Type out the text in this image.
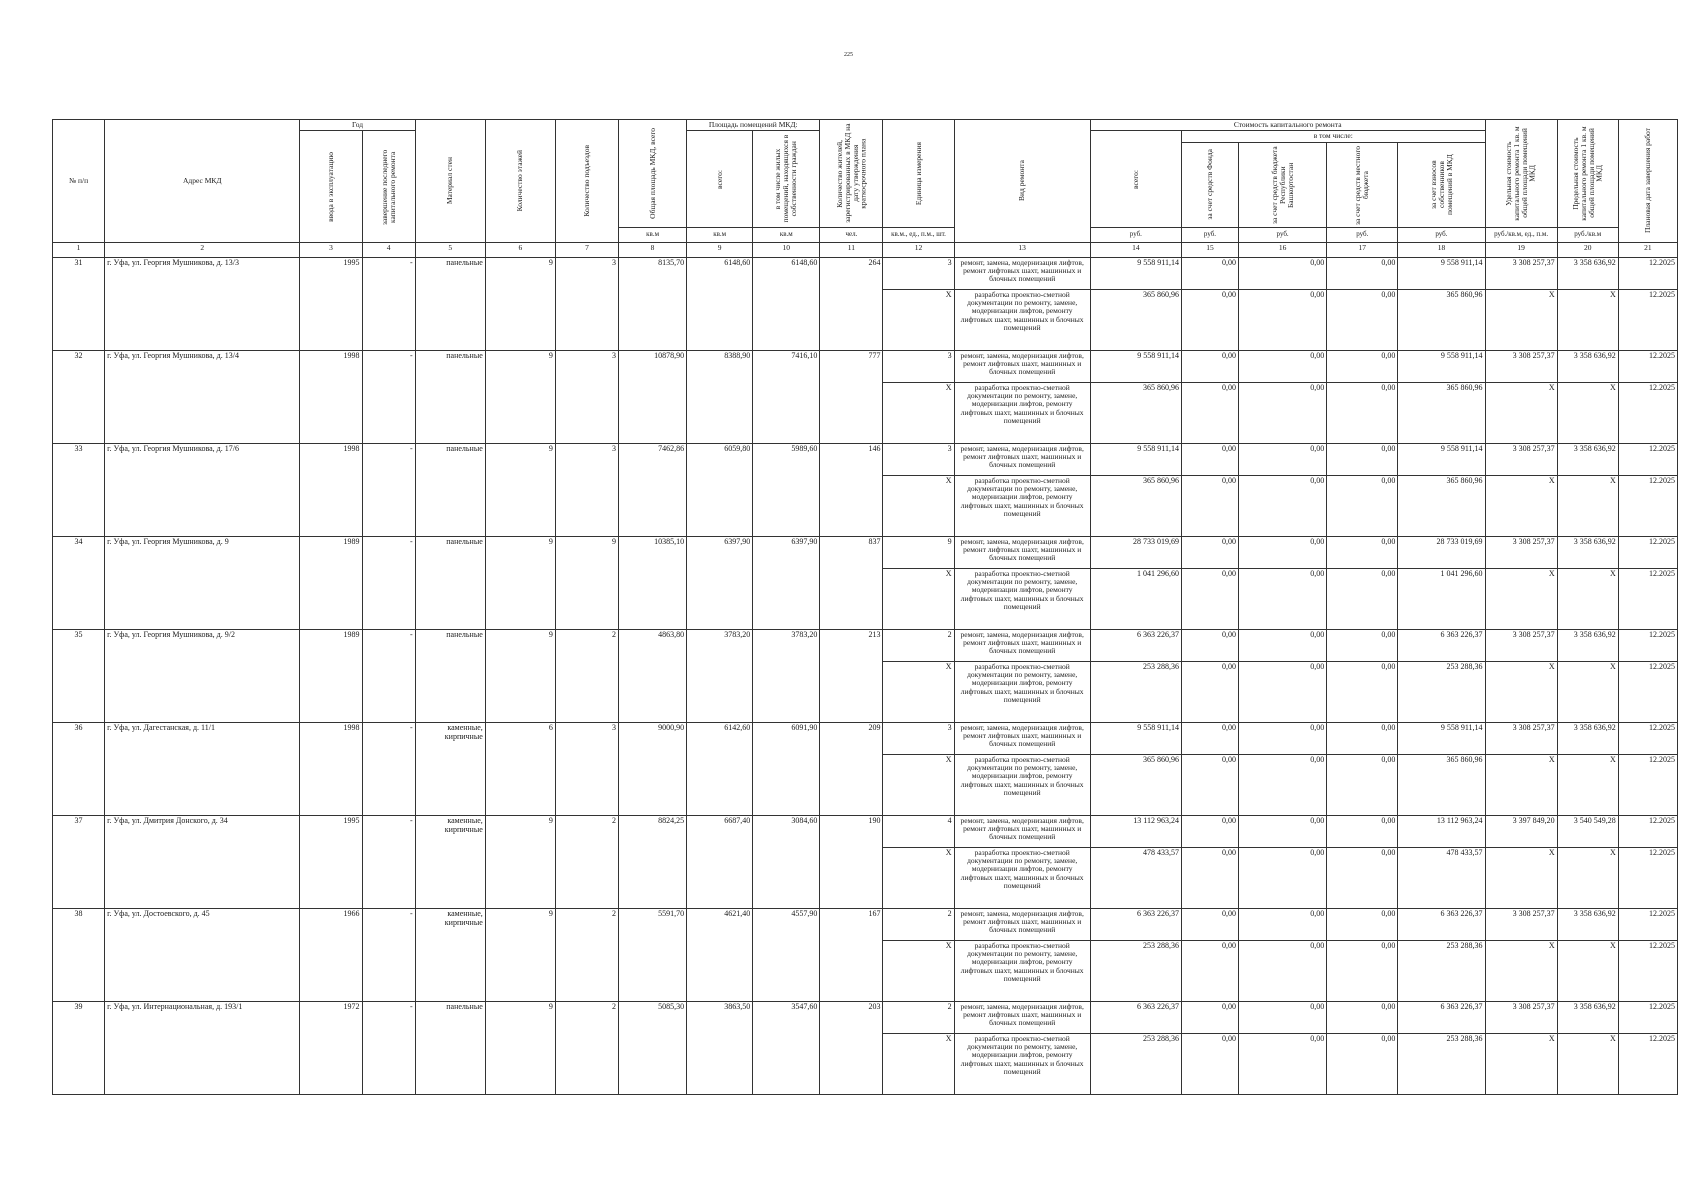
225
№ п/п	Адрес МКД	Год		Материал стен	Количество этажей	Количество подъездов	Общая площадь МКД, всего	Площадь помещений МКД:		Количество жителей, зарегистрированных в МКД на дату утверждения краткосрочного плана	Единица измерения	Вид ремонта	Стоимость капитального ремонта					Удельная стоимость капитального ремонта 1 кв. м общей площади помещений МКД	Предельная стоимость капитального ремонта 1 кв. м общей площади помещений МКД	Плановая дата завершения работ

		ввода в эксплуатацию	завершение последнего капитального ремонта					всего:	в том числе жилых помещений, находящихся в собственности граждан				всего:	в том числе:						

														за счет средств Фонда	за счет средств бюджета Республики Башкортостан	за счет средств местного бюджета	за счет взносов собственников помещений в МКД			

							кв.м	кв.м	кв.м	чел.	кв.м., ед., п.м., шт.		руб.	руб.	руб.	руб.	руб.	руб./кв.м, ед., п.м.	руб./кв.м	
1	2	3	4	5	6	7	8	9	10	11	12	13	14	15	16	17	18	19	20	21
31	г. Уфа, ул. Георгия Мушникова, д. 13/3	1995	-	панельные	9	3	8135,70	6148,60	6148,60	264	3	ремонт, замена, модернизация лифтов, ремонт лифтовых шахт, машинных и блочных помещений	9 558 911,14	0,00	0,00	0,00	9 558 911,14	3 308 257,37	3 358 636,92	12.2025
											X	разработка проектно-сметной документации по ремонту, замене, модернизации лифтов, ремонту лифтовых шахт, машинных и блочных помещений	365 860,96	0,00	0,00	0,00	365 860,96	X	X	12.2025
32	г. Уфа, ул. Георгия Мушникова, д. 13/4	1998	-	панельные	9	3	10878,90	8388,90	7416,10	777	3	ремонт, замена, модернизация лифтов, ремонт лифтовых шахт, машинных и блочных помещений	9 558 911,14	0,00	0,00	0,00	9 558 911,14	3 308 257,37	3 358 636,92	12.2025
											X	разработка проектно-сметной документации по ремонту, замене, модернизации лифтов, ремонту лифтовых шахт, машинных и блочных помещений	365 860,96	0,00	0,00	0,00	365 860,96	X	X	12.2025
33	г. Уфа, ул. Георгия Мушникова, д. 17/6	1998	-	панельные	9	3	7462,86	6059,80	5989,60	146	3	ремонт, замена, модернизация лифтов, ремонт лифтовых шахт, машинных и блочных помещений	9 558 911,14	0,00	0,00	0,00	9 558 911,14	3 308 257,37	3 358 636,92	12.2025
											X	разработка проектно-сметной документации по ремонту, замене, модернизации лифтов, ремонту лифтовых шахт, машинных и блочных помещений	365 860,96	0,00	0,00	0,00	365 860,96	X	X	12.2025
34	г. Уфа, ул. Георгия Мушникова, д. 9	1989	-	панельные	9	9	10385,10	6397,90	6397,90	837	9	ремонт, замена, модернизация лифтов, ремонт лифтовых шахт, машинных и блочных помещений	28 733 019,69	0,00	0,00	0,00	28 733 019,69	3 308 257,37	3 358 636,92	12.2025
											X	разработка проектно-сметной документации по ремонту, замене, модернизации лифтов, ремонту лифтовых шахт, машинных и блочных помещений	1 041 296,60	0,00	0,00	0,00	1 041 296,60	X	X	12.2025
35	г. Уфа, ул. Георгия Мушникова, д. 9/2	1989	-	панельные	9	2	4863,80	3783,20	3783,20	213	2	ремонт, замена, модернизация лифтов, ремонт лифтовых шахт, машинных и блочных помещений	6 363 226,37	0,00	0,00	0,00	6 363 226,37	3 308 257,37	3 358 636,92	12.2025
											X	разработка проектно-сметной документации по ремонту, замене, модернизации лифтов, ремонту лифтовых шахт, машинных и блочных помещений	253 288,36	0,00	0,00	0,00	253 288,36	X	X	12.2025
36	г. Уфа, ул. Дагестанская, д. 11/1	1998	-	каменные, кирпичные	6	3	9000,90	6142,60	6091,90	209	3	ремонт, замена, модернизация лифтов, ремонт лифтовых шахт, машинных и блочных помещений	9 558 911,14	0,00	0,00	0,00	9 558 911,14	3 308 257,37	3 358 636,92	12.2025
											X	разработка проектно-сметной документации по ремонту, замене, модернизации лифтов, ремонту лифтовых шахт, машинных и блочных помещений	365 860,96	0,00	0,00	0,00	365 860,96	X	X	12.2025
37	г. Уфа, ул. Дмитрия Донского, д. 34	1995	-	каменные, кирпичные	9	2	8824,25	6687,40	3084,60	190	4	ремонт, замена, модернизация лифтов, ремонт лифтовых шахт, машинных и блочных помещений	13 112 963,24	0,00	0,00	0,00	13 112 963,24	3 397 849,20	3 540 549,28	12.2025
											X	разработка проектно-сметной документации по ремонту, замене, модернизации лифтов, ремонту лифтовых шахт, машинных и блочных помещений	478 433,57	0,00	0,00	0,00	478 433,57	X	X	12.2025
38	г. Уфа, ул. Достоевского, д. 45	1966	-	каменные, кирпичные	9	2	5591,70	4621,40	4557,90	167	2	ремонт, замена, модернизация лифтов, ремонт лифтовых шахт, машинных и блочных помещений	6 363 226,37	0,00	0,00	0,00	6 363 226,37	3 308 257,37	3 358 636,92	12.2025
											X	разработка проектно-сметной документации по ремонту, замене, модернизации лифтов, ремонту лифтовых шахт, машинных и блочных помещений	253 288,36	0,00	0,00	0,00	253 288,36	X	X	12.2025
39	г. Уфа, ул. Интернациональная, д. 193/1	1972	-	панельные	9	2	5085,30	3863,50	3547,60	203	2	ремонт, замена, модернизация лифтов, ремонт лифтовых шахт, машинных и блочных помещений	6 363 226,37	0,00	0,00	0,00	6 363 226,37	3 308 257,37	3 358 636,92	12.2025
											X	разработка проектно-сметной документации по ремонту, замене, модернизации лифтов, ремонту лифтовых шахт, машинных и блочных помещений	253 288,36	0,00	0,00	0,00	253 288,36	X	X	12.2025
